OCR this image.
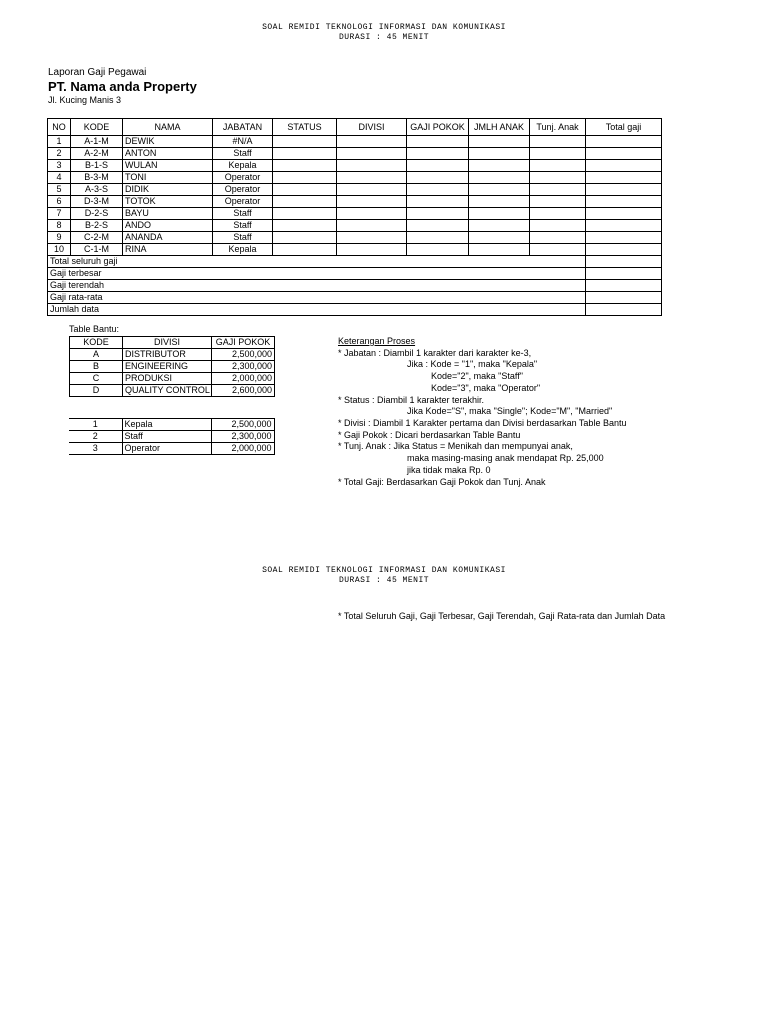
SOAL REMIDI TEKNOLOGI INFORMASI DAN KOMUNIKASI
DURASI : 45 MENIT
Laporan Gaji Pegawai
PT. Nama anda Property
Jl. Kucing Manis 3
NO	KODE	NAMA	JABATAN	STATUS	DIVISI	GAJI POKOK	JMLH ANAK	Tunj. Anak	Total gaji
1	A-1-M	DEWIK	#N/A						
2	A-2-M	ANTON	Staff						
3	B-1-S	WULAN	Kepala						
4	B-3-M	TONI	Operator						
5	A-3-S	DIDIK	Operator						
6	D-3-M	TOTOK	Operator						
7	D-2-S	BAYU	Staff						
8	B-2-S	ANDO	Staff						
9	C-2-M	ANANDA	Staff						
10	C-1-M	RINA	Kepala						
Total seluruh gaji									
Gaji terbesar									
Gaji terendah									
Gaji rata-rata									
Jumlah data									
Table Bantu:
KODE	DIVISI	GAJI POKOK
A	DISTRIBUTOR	2,500,000
B	ENGINEERING	2,300,000
C	PRODUKSI	2,000,000
D	QUALITY CONTROL	2,600,000
1	Kepala	2,500,000
2	Staff	2,300,000
3	Operator	2,000,000
Keterangan Proses
* Jabatan : Diambil 1 karakter dari karakter ke-3,
Jika : Kode = "1", maka "Kepala"
Kode="2", maka "Staff"
Kode="3", maka "Operator"
* Status : Diambil 1 karakter terakhir.
Jika Kode="S", maka "Single"; Kode="M", "Married"
* Divisi : Diambil 1 Karakter pertama dan Divisi berdasarkan Table Bantu
* Gaji Pokok : Dicari berdasarkan Table Bantu
* Tunj. Anak : Jika Status = Menikah dan mempunyai anak,
maka masing-masing anak mendapat Rp. 25,000
jika tidak maka Rp. 0
* Total Gaji: Berdasarkan Gaji Pokok dan Tunj. Anak
SOAL REMIDI TEKNOLOGI INFORMASI DAN KOMUNIKASI
DURASI : 45 MENIT
* Total Seluruh Gaji, Gaji Terbesar, Gaji Terendah, Gaji Rata-rata dan Jumlah Data
